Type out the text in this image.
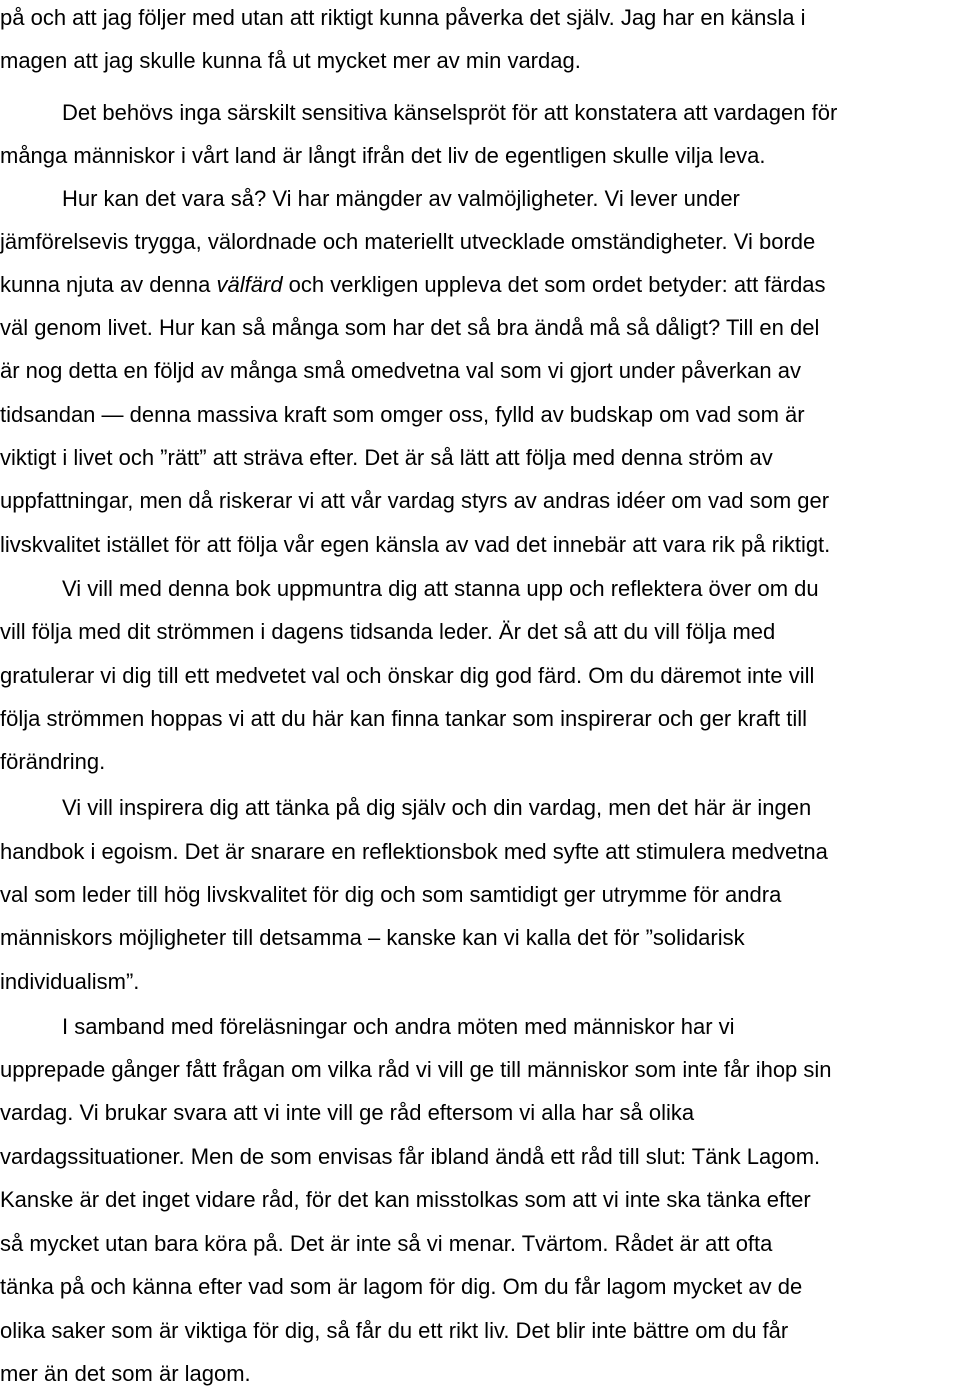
på och att jag följer med utan att riktigt kunna påverka det själv. Jag har en känsla i
magen att jag skulle kunna få ut mycket mer av min vardag.
Det behövs inga särskilt sensitiva känselspröt för att konstatera att vardagen för
många människor i vårt land är långt ifrån det liv de egentligen skulle vilja leva.
Hur kan det vara så? Vi har mängder av valmöjligheter. Vi lever under
jämförelsevis trygga, välordnade och materiellt utvecklade omständigheter. Vi borde
kunna njuta av denna välfärd och verkligen uppleva det som ordet betyder: att färdas
väl genom livet. Hur kan så många som har det så bra ändå må så dåligt? Till en del
är nog detta en följd av många små omedvetna val som vi gjort under påverkan av
tidsandan — denna massiva kraft som omger oss, fylld av budskap om vad som är
viktigt i livet och ”rätt” att sträva efter. Det är så lätt att följa med denna ström av
uppfattningar, men då riskerar vi att vår vardag styrs av andras idéer om vad som ger
livskvalitet istället för att följa vår egen känsla av vad det innebär att vara rik på riktigt.
Vi vill med denna bok uppmuntra dig att stanna upp och reflektera över om du
vill följa med dit strömmen i dagens tidsanda leder. Är det så att du vill följa med
gratulerar vi dig till ett medvetet val och önskar dig god färd. Om du däremot inte vill
följa strömmen hoppas vi att du här kan finna tankar som inspirerar och ger kraft till
förändring.
Vi vill inspirera dig att tänka på dig själv och din vardag, men det här är ingen
handbok i egoism. Det är snarare en reflektionsbok med syfte att stimulera medvetna
val som leder till hög livskvalitet för dig och som samtidigt ger utrymme för andra
människors möjligheter till detsamma – kanske kan vi kalla det för ”solidarisk
individualism”.
I samband med föreläsningar och andra möten med människor har vi
upprepade gånger fått frågan om vilka råd vi vill ge till människor som inte får ihop sin
vardag. Vi brukar svara att vi inte vill ge råd eftersom vi alla har så olika
vardagssituationer. Men de som envisas får ibland ändå ett råd till slut: Tänk Lagom.
Kanske är det inget vidare råd, för det kan misstolkas som att vi inte ska tänka efter
så mycket utan bara köra på. Det är inte så vi menar. Tvärtom. Rådet är att ofta
tänka på och känna efter vad som är lagom för dig. Om du får lagom mycket av de
olika saker som är viktiga för dig, så får du ett rikt liv. Det blir inte bättre om du får
mer än det som är lagom.
